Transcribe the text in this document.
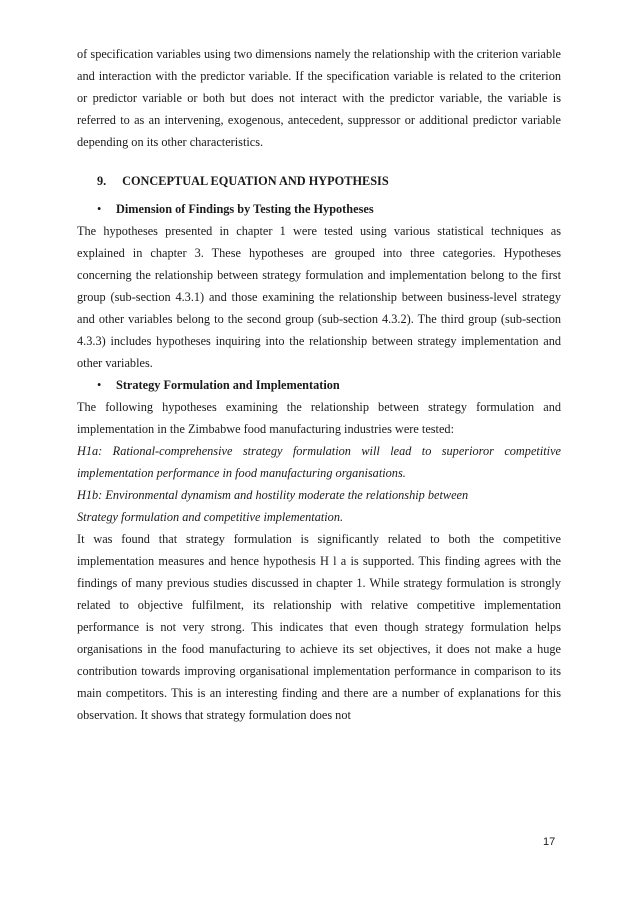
of specification variables using two dimensions namely the relationship with the criterion variable and interaction with the predictor variable. If the specification variable is related to the criterion or predictor variable or both but does not interact with the predictor variable, the variable is referred to as an intervening, exogenous, antecedent, suppressor or additional predictor variable depending on its other characteristics.

9. CONCEPTUAL EQUATION AND HYPOTHESIS

•	Dimension of Findings by Testing the Hypotheses

The hypotheses presented in chapter 1 were tested using various statistical techniques as explained in chapter 3. These hypotheses are grouped into three categories. Hypotheses concerning the relationship between strategy formulation and implementation belong to the first group (sub-section 4.3.1) and those examining the relationship between business-level strategy and other variables belong to the second group (sub-section 4.3.2). The third group (sub-section 4.3.3) includes hypotheses inquiring into the relationship between strategy implementation and other variables.

•	Strategy Formulation and Implementation

The following hypotheses examining the relationship between strategy formulation and implementation in the Zimbabwe food manufacturing industries were tested:

H1a: Rational-comprehensive strategy formulation will lead to superioror competitive implementation performance in food manufacturing organisations.

H1b: Environmental dynamism and hostility moderate the relationship between

Strategy formulation and competitive implementation.

It was found that strategy formulation is significantly related to both the competitive implementation measures and hence hypothesis H l a is supported. This finding agrees with the findings of many previous studies discussed in chapter 1. While strategy formulation is strongly related to objective fulfilment, its relationship with relative competitive implementation performance is not very strong. This indicates that even though strategy formulation helps organisations in the food manufacturing to achieve its set objectives, it does not make a huge contribution towards improving organisational implementation performance in comparison to its main competitors. This is an interesting finding and there are a number of explanations for this observation. It shows that strategy formulation does not

17
